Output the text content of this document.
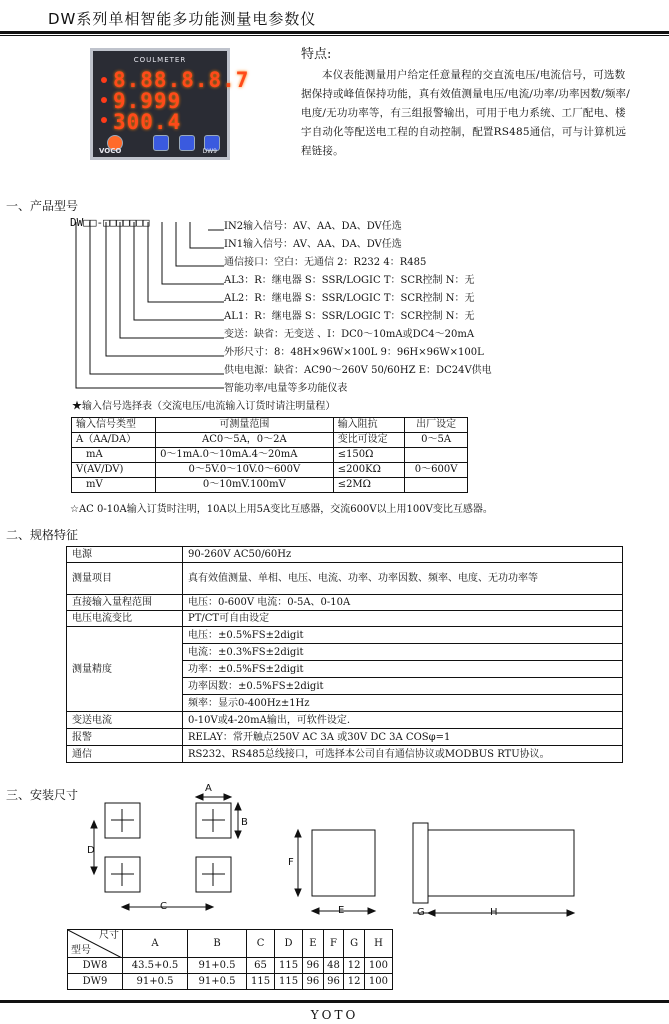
DW系列单相智能多功能测量电参数仪
COULMETER
8.88.8.8.7
9.999
300.4
VOCO	DW9
特点:
本仪表能测量用户给定任意量程的交直流电压/电流信号，可选数据保持或峰值保持功能，真有效值测量电压/电流/功率/功率因数/频率/电度/无功功率等，有三组报警输出，可用于电力系统、工厂配电、楼宇自动化等配送电工程的自动控制，配置RS485通信，可与计算机远程链接。
一、产品型号
DW□□-□□□□□□□	IN2输入信号：AV、AA、DA、DV任选
IN1输入信号：AV、AA、DA、DV任选
通信接口：空白：无通信 2：R232 4：R485
AL3：R：继电器 S：SSR/LOGIC T：SCR控制 N：无
AL2：R：继电器 S：SSR/LOGIC T：SCR控制 N：无
AL1：R：继电器 S：SSR/LOGIC T：SCR控制 N：无
变送：缺省：无变送 、I：DC0～10mA或DC4～20mA
外形尺寸：8：48H×96W×100L 9：96H×96W×100L
供电电源：缺省：AC90～260V 50/60HZ E：DC24V供电
智能功率/电量等多功能仪表
★输入信号选择表（交流电压/电流输入订货时请注明量程）
输入信号类型	可测量范围	输入阻抗	出厂设定
A（AA/DA）	AC0～5A，0～2A	变比可设定	0～5A
mA	0～1mA.0～10mA.4～20mA	≤150Ω	
V(AV/DV)	0～5V.0～10V.0～600V	≤200KΩ	0～600V
mV	0～10mV.100mV	≤2MΩ	
☆AC 0-10A输入订货时注明，10A以上用5A变比互感器，交流600V以上用100V变比互感器。
二、规格特征
电源	90-260V AC50/60Hz
测量项目	真有效值测量、单相、电压、电流、功率、功率因数、频率、电度、无功功率等
直接输入量程范围	电压：0-600V 电流：0-5A、0-10A
电压电流变比	PT/CT可自由设定
测量精度	电压：±0.5%FS±2digit
	电流：±0.3%FS±2digit
	功率：±0.5%FS±2digit
	功率因数：±0.5%FS±2digit
	频率：显示0-400Hz±1Hz
变送电流	0-10V或4-20mA输出，可软件设定.
报警	RELAY：常开触点250V AC 3A 或30V DC 3A COSφ=1
通信	RS232、RS485总线接口，可选择本公司自有通信协议或MODBUS RTU协议。
三、安装尺寸	A
B
C
D
E
F
G	H
尺寸
型号	A	B	C	D	E	F	G	H
DW8	43.5+0.5	91+0.5	65	115	96	48	12	100
DW9	91+0.5	91+0.5	115	115	96	96	12	100
YOTO
